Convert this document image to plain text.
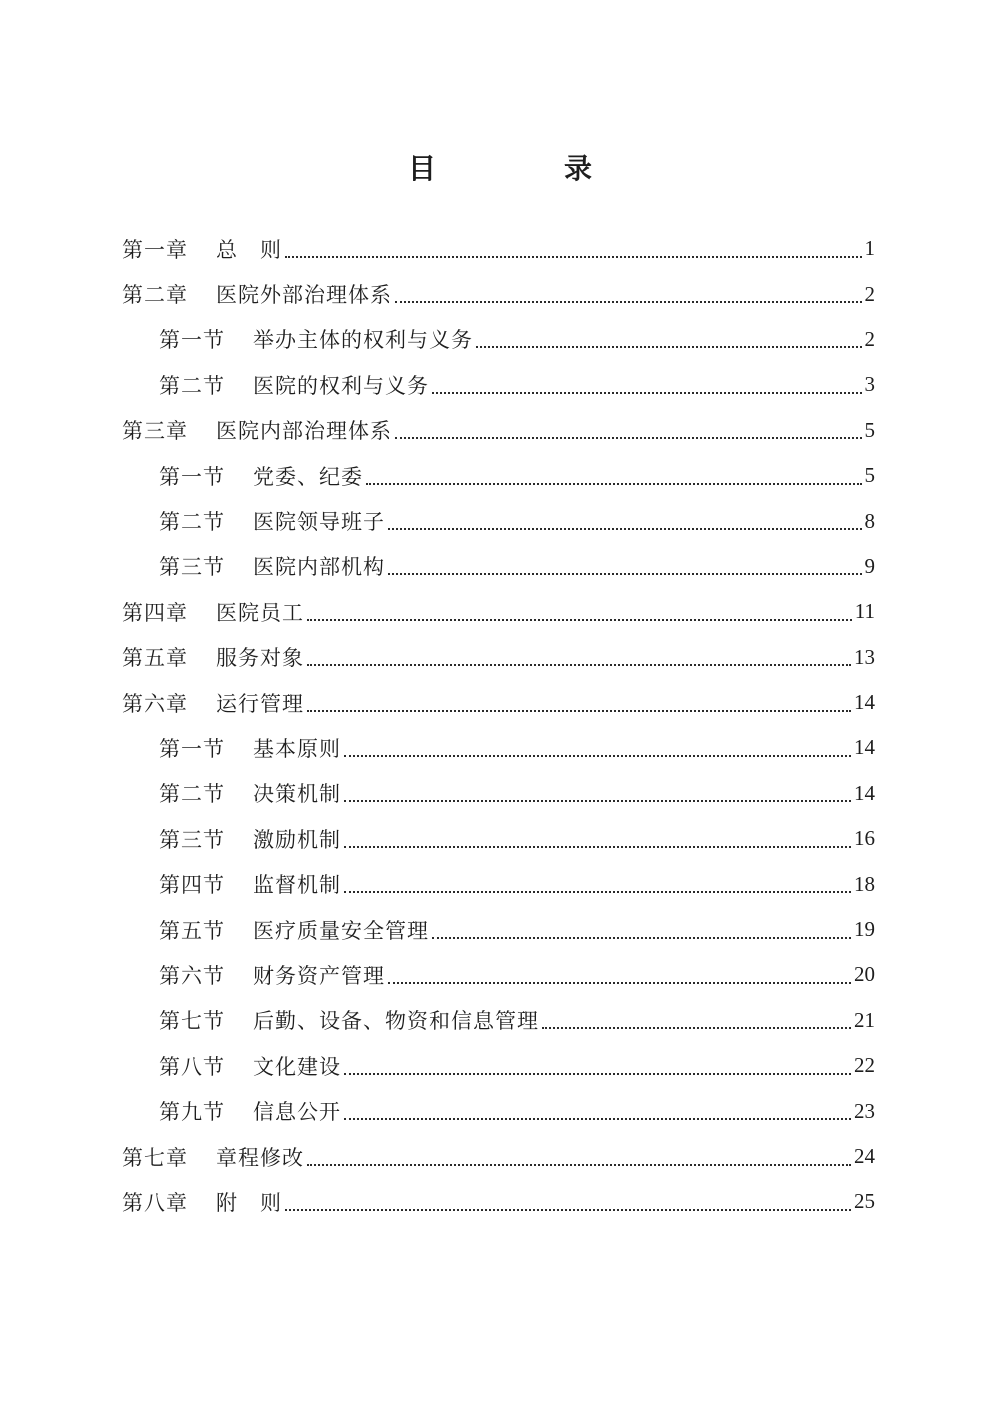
目　录
第一章	总　则	1
第二章	医院外部治理体系	2
第一节	举办主体的权利与义务	2
第二节	医院的权利与义务	3
第三章	医院内部治理体系	5
第一节	党委、纪委	5
第二节	医院领导班子	8
第三节	医院内部机构	9
第四章	医院员工	11
第五章	服务对象	13
第六章	运行管理	14
第一节	基本原则	14
第二节	决策机制	14
第三节	激励机制	16
第四节	监督机制	18
第五节	医疗质量安全管理	19
第六节	财务资产管理	20
第七节	后勤、设备、物资和信息管理	21
第八节	文化建设	22
第九节	信息公开	23
第七章	章程修改	24
第八章	附　则	25
